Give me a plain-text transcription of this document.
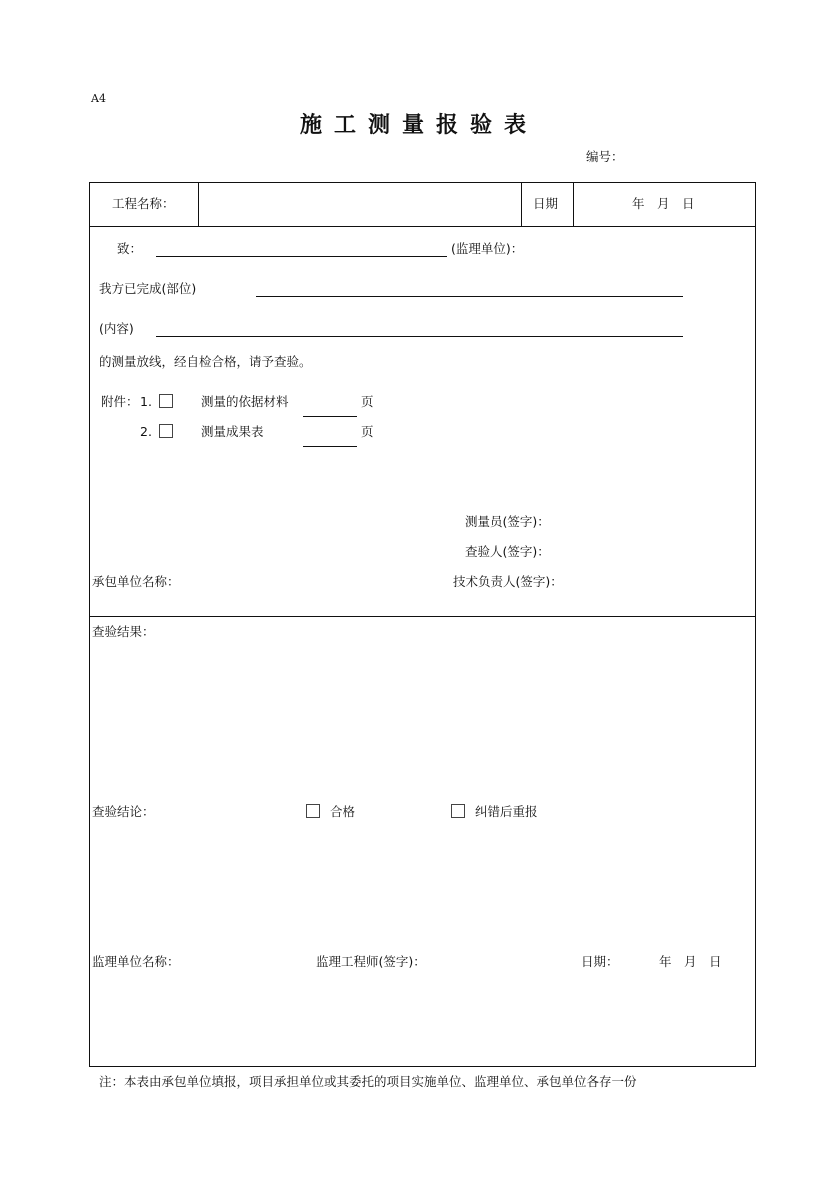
A4
施工测量报验表
编号：
工程名称：	日期	年　月　日
致：	(监理单位)：
我方已完成(部位)
(内容)
的测量放线，经自检合格，请予查验。
附件： 1.	测量的依据材料	页
2.	测量成果表	页
测量员(签字)：
查验人(签字)：
承包单位名称：	技术负责人(签字)：
查验结果：
查验结论：	合格	纠错后重报
监理单位名称：	监理工程师(签字)：	日期：	年　月　日
注：本表由承包单位填报，项目承担单位或其委托的项目实施单位、监理单位、承包单位各存一份
